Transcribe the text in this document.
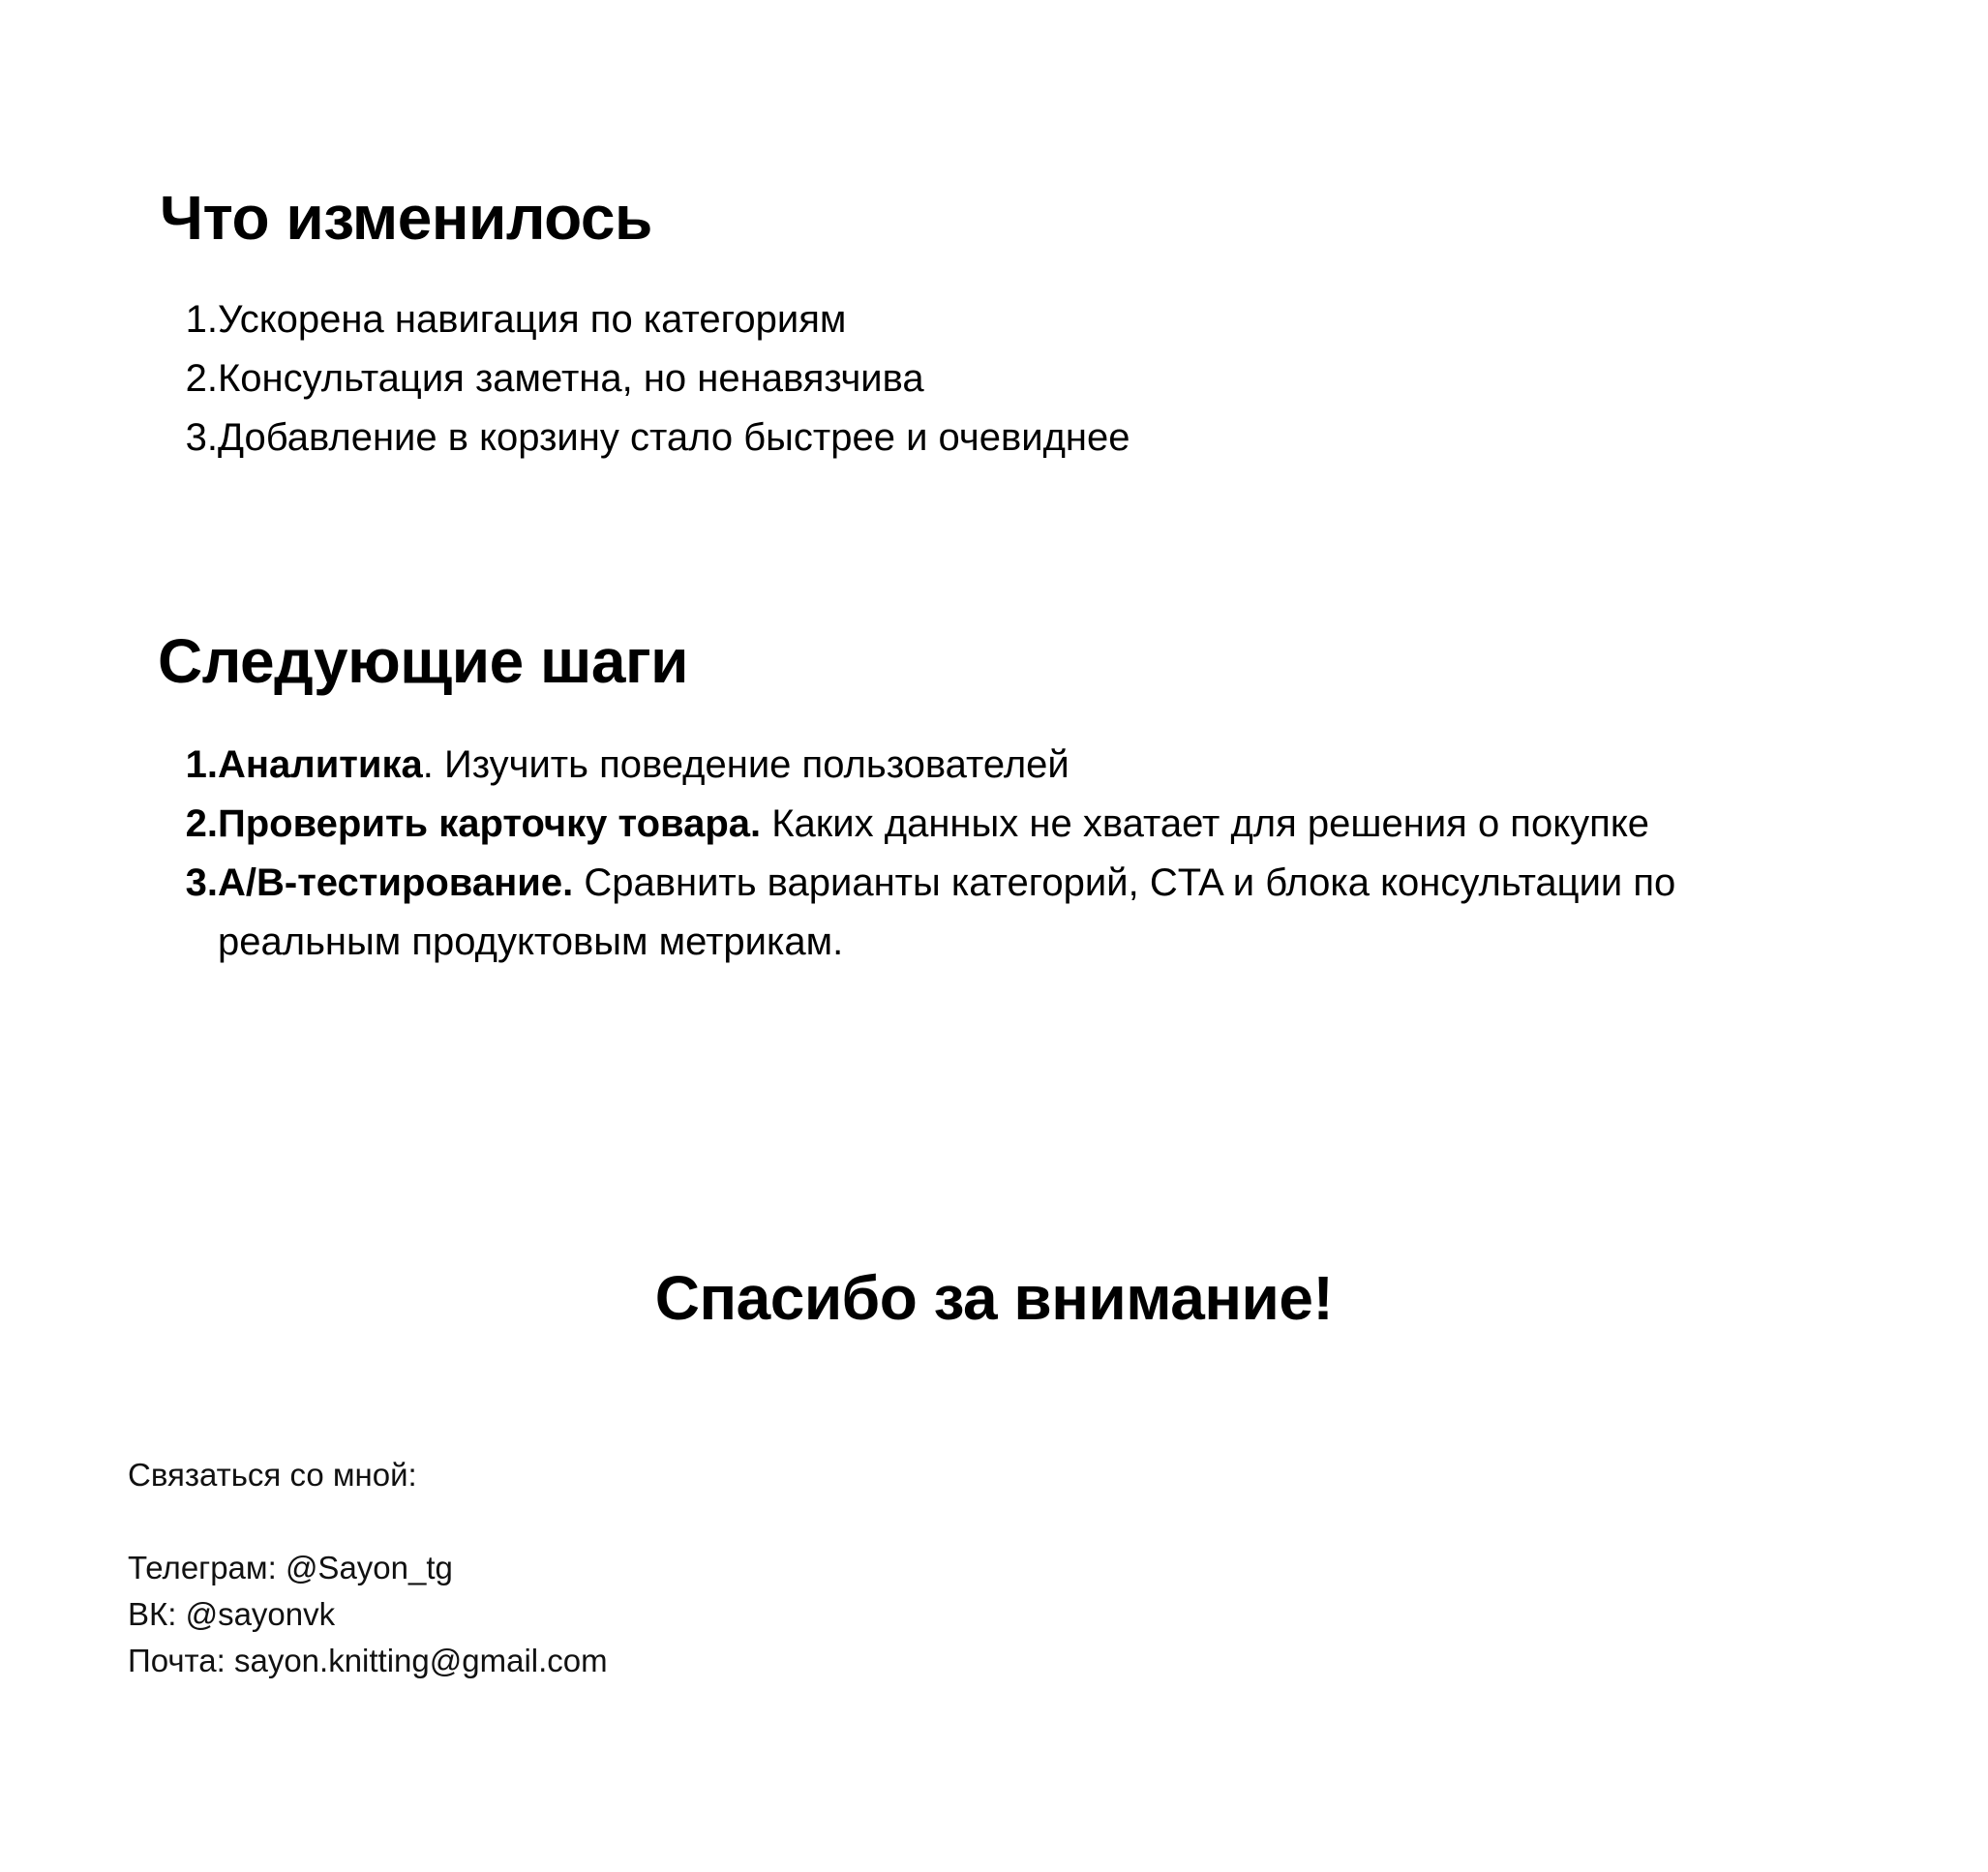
Что изменилось
1. Ускорена навигация по категориям
2. Консультация заметна, но ненавязчива
3. Добавление в корзину стало быстрее и очевиднее
Следующие шаги
1. Аналитика. Изучить поведение пользователей
2. Проверить карточку товара. Каких данных не хватает для решения о покупке
3. A/B-тестирование. Сравнить варианты категорий, CTA и блока консультации по реальным продуктовым метрикам.
Спасибо за внимание!
Связаться со мной:
Телеграм: @Sayon_tg
ВК: @sayonvk
Почта: sayon.knitting@gmail.com
